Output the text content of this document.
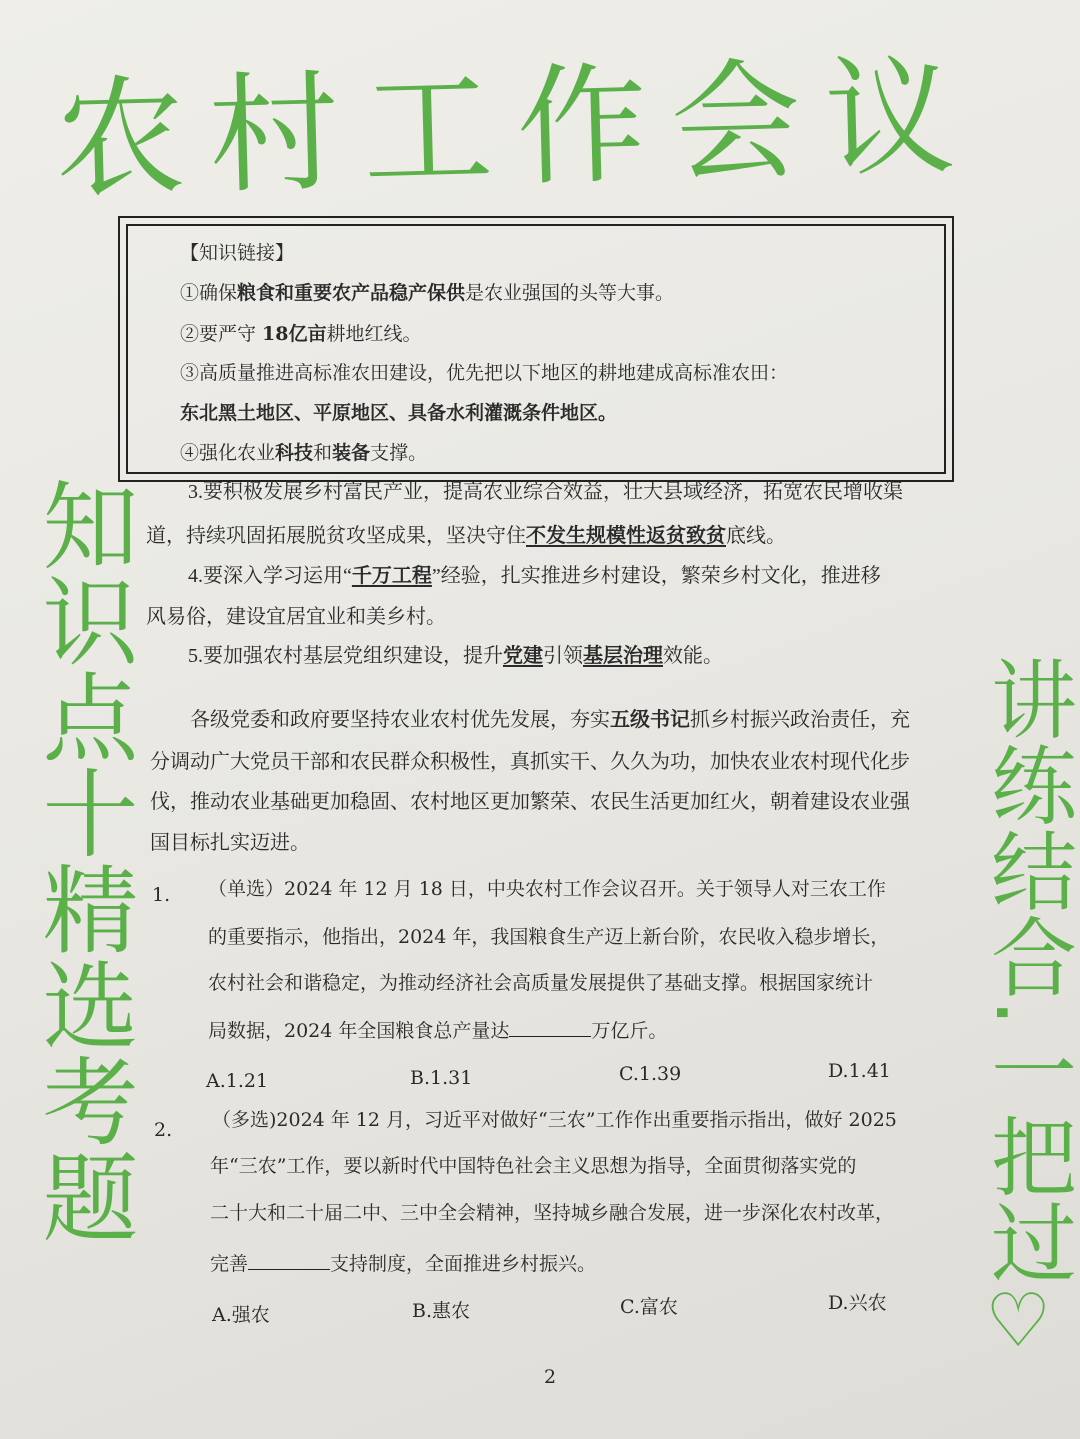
农村工作会议
知识点十精选考题	讲练结合.一把过
♡
【知识链接】
①确保粮食和重要农产品稳产保供是农业强国的头等大事。
②要严守 18亿亩耕地红线。
③高质量推进高标准农田建设，优先把以下地区的耕地建成高标准农田：
东北黑土地区、平原地区、具备水利灌溉条件地区。
④强化农业科技和装备支撑。
3.要积极发展乡村富民产业，提高农业综合效益，壮大县域经济，拓宽农民增收渠
道，持续巩固拓展脱贫攻坚成果，坚决守住不发生规模性返贫致贫底线。
4.要深入学习运用“千万工程”经验，扎实推进乡村建设，繁荣乡村文化，推进移
风易俗，建设宜居宜业和美乡村。
5.要加强农村基层党组织建设，提升党建引领基层治理效能。
各级党委和政府要坚持农业农村优先发展，夯实五级书记抓乡村振兴政治责任，充
分调动广大党员干部和农民群众积极性，真抓实干、久久为功，加快农业农村现代化步
伐，推动农业基础更加稳固、农村地区更加繁荣、农民生活更加红火，朝着建设农业强
国目标扎实迈进。
1. （单选）2024 年 12 月 18 日，中央农村工作会议召开。关于领导人对三农工作
的重要指示，他指出，2024 年，我国粮食生产迈上新台阶，农民收入稳步增长，
农村社会和谐稳定，为推动经济社会高质量发展提供了基础支撑。根据国家统计
局数据，2024 年全国粮食总产量达	万亿斤。
A.1.21	B.1.31	C.1.39	D.1.41
2. （多选)2024 年 12 月，习近平对做好“三农”工作作出重要指示指出，做好 2025
年“三农”工作，要以新时代中国特色社会主义思想为指导，全面贯彻落实党的
二十大和二十届二中、三中全会精神，坚持城乡融合发展，进一步深化农村改革，
完善	支持制度，全面推进乡村振兴。
A.强农	B.惠农	C.富农	D.兴农
2
